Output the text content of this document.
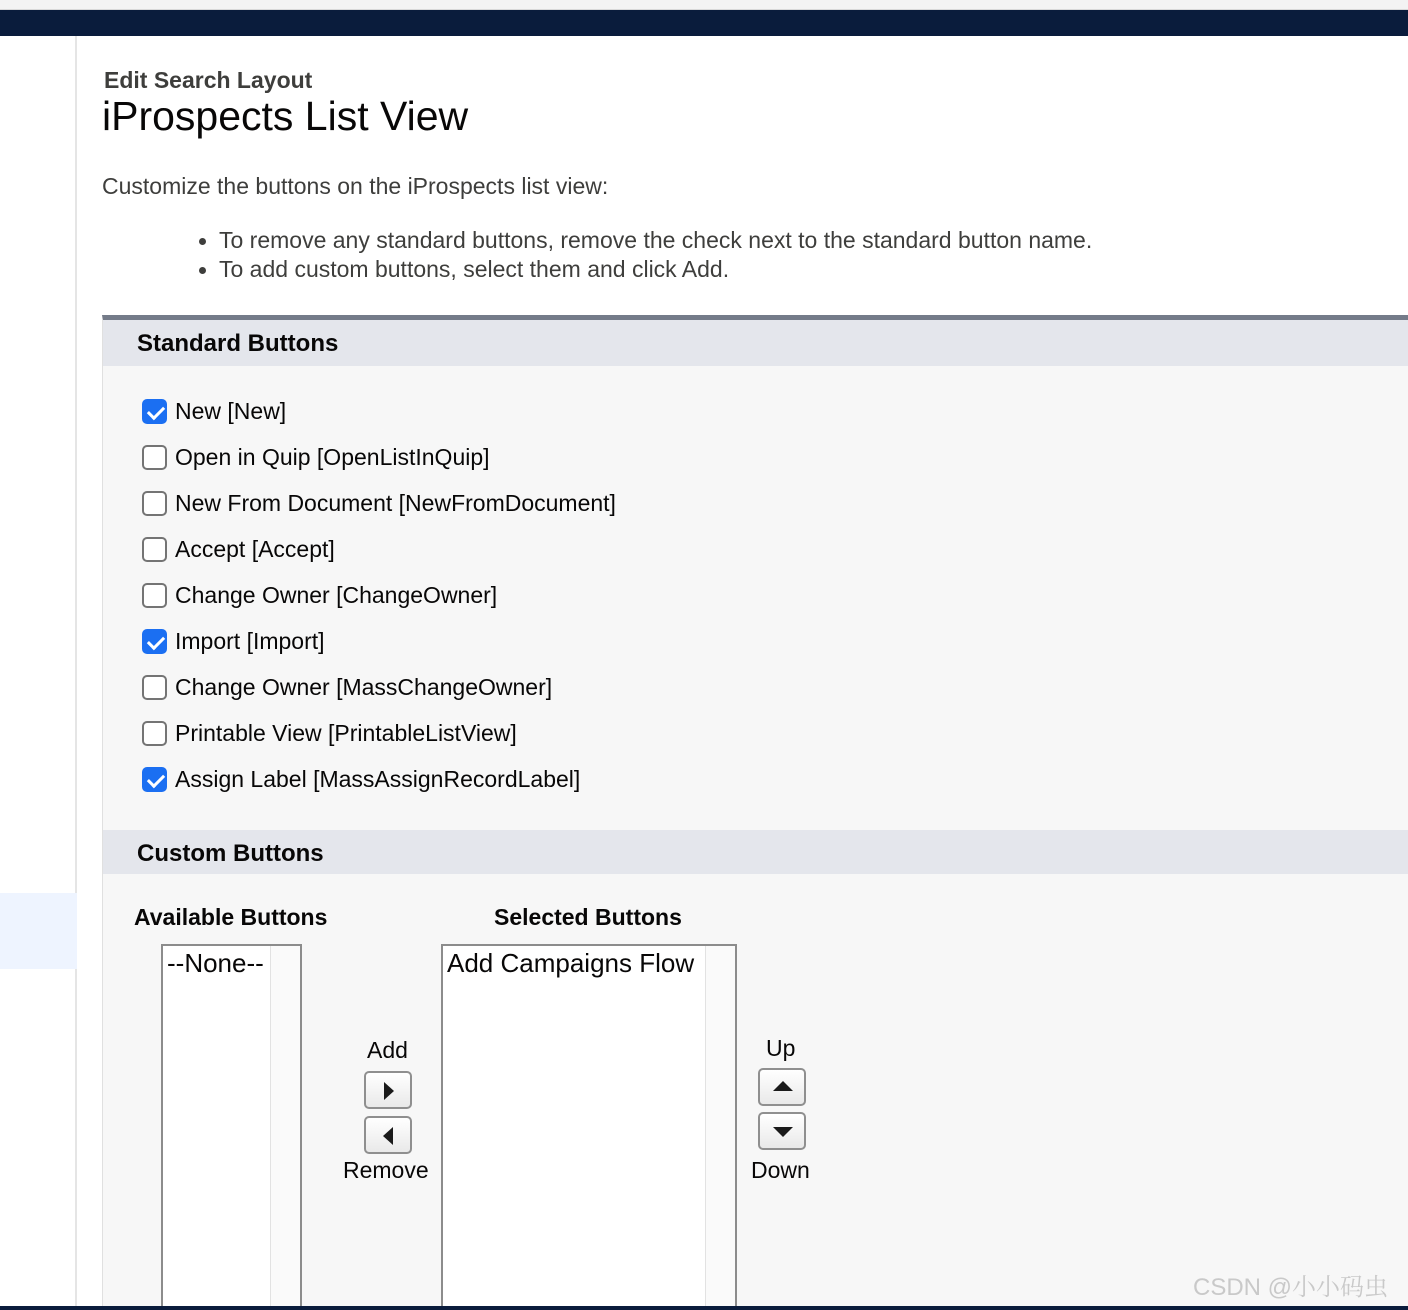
Edit Search Layout
iProspects List View
Customize the buttons on the iProspects list view:
To remove any standard buttons, remove the check next to the standard button name.
To add custom buttons, select them and click Add.
Standard Buttons
New [New]
Open in Quip [OpenListInQuip]
New From Document [NewFromDocument]
Accept [Accept]
Change Owner [ChangeOwner]
Import [Import]
Change Owner [MassChangeOwner]
Printable View [PrintableListView]
Assign Label [MassAssignRecordLabel]
Custom Buttons
Available Buttons	Selected Buttons
--None--
Add
Remove
Add Campaigns Flow
Up
Down
CSDN @小小码虫
